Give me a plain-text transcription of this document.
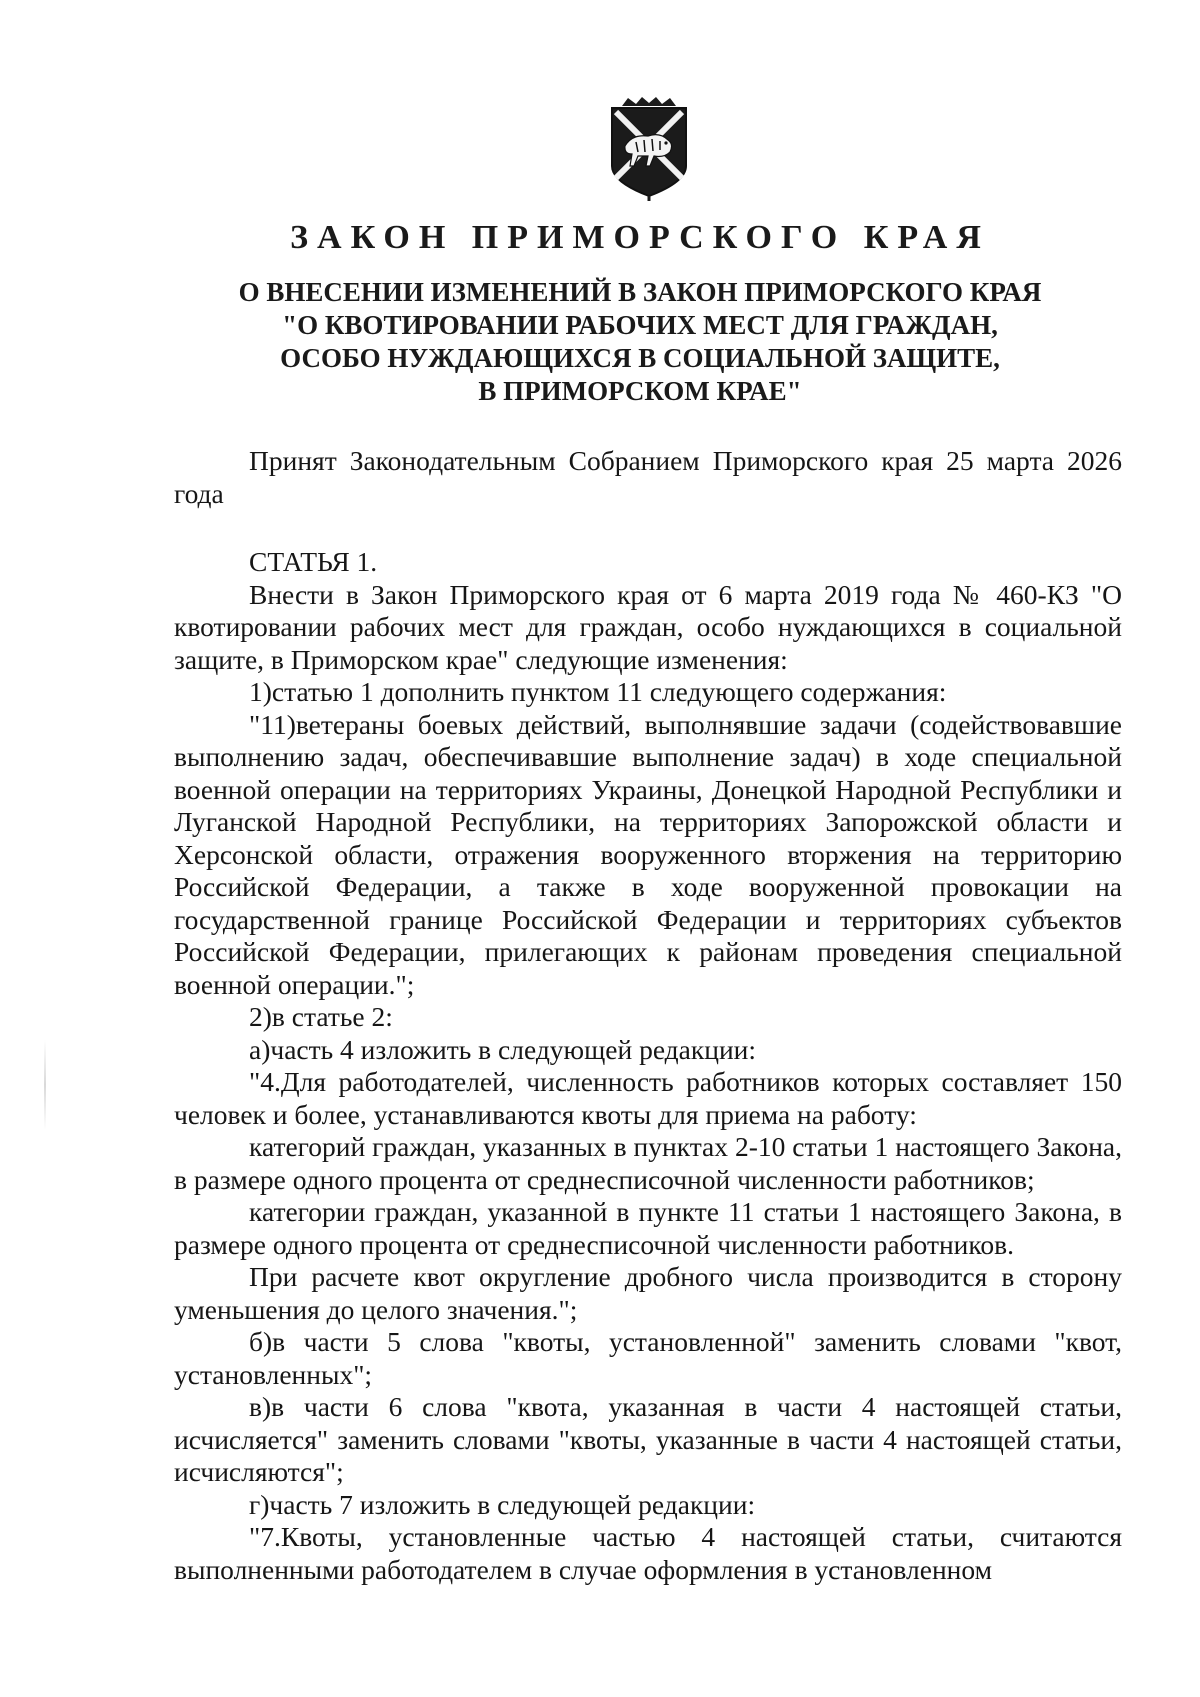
ЗАКОН ПРИМОРСКОГО КРАЯ
О ВНЕСЕНИИ ИЗМЕНЕНИЙ В ЗАКОН ПРИМОРСКОГО КРАЯ
"О КВОТИРОВАНИИ РАБОЧИХ МЕСТ ДЛЯ ГРАЖДАН,
ОСОБО НУЖДАЮЩИХСЯ В СОЦИАЛЬНОЙ ЗАЩИТЕ,
В ПРИМОРСКОМ КРАЕ"

Принят Законодательным Собранием Приморского края 25 марта 2026 года

СТАТЬЯ 1.

Внести в Закон Приморского края от 6 марта 2019 года № 460-КЗ "О квотировании рабочих мест для граждан, особо нуждающихся в социальной защите, в Приморском крае" следующие изменения:

1)статью 1 дополнить пунктом 11 следующего содержания:

"11)ветераны боевых действий, выполнявшие задачи (содействовавшие выполнению задач, обеспечивавшие выполнение задач) в ходе специальной военной операции на территориях Украины, Донецкой Народной Республики и Луганской Народной Республики, на территориях Запорожской области и Херсонской области, отражения вооруженного вторжения на территорию Российской Федерации, а также в ходе вооруженной провокации на государственной границе Российской Федерации и территориях субъектов Российской Федерации, прилегающих к районам проведения специальной военной операции.";

2)в статье 2:

а)часть 4 изложить в следующей редакции:

"4.Для работодателей, численность работников которых составляет 150 человек и более, устанавливаются квоты для приема на работу:

категорий граждан, указанных в пунктах 2-10 статьи 1 настоящего Закона, в размере одного процента от среднесписочной численности работников;

категории граждан, указанной в пункте 11 статьи 1 настоящего Закона, в размере одного процента от среднесписочной численности работников.

При расчете квот округление дробного числа производится в сторону уменьшения до целого значения.";

б)в части 5 слова "квоты, установленной" заменить словами "квот, установленных";

в)в части 6 слова "квота, указанная в части 4 настоящей статьи, исчисляется" заменить словами "квоты, указанные в части 4 настоящей статьи, исчисляются";

г)часть 7 изложить в следующей редакции:

"7.Квоты, установленные частью 4 настоящей статьи, считаются выполненными работодателем в случае оформления в установленном
